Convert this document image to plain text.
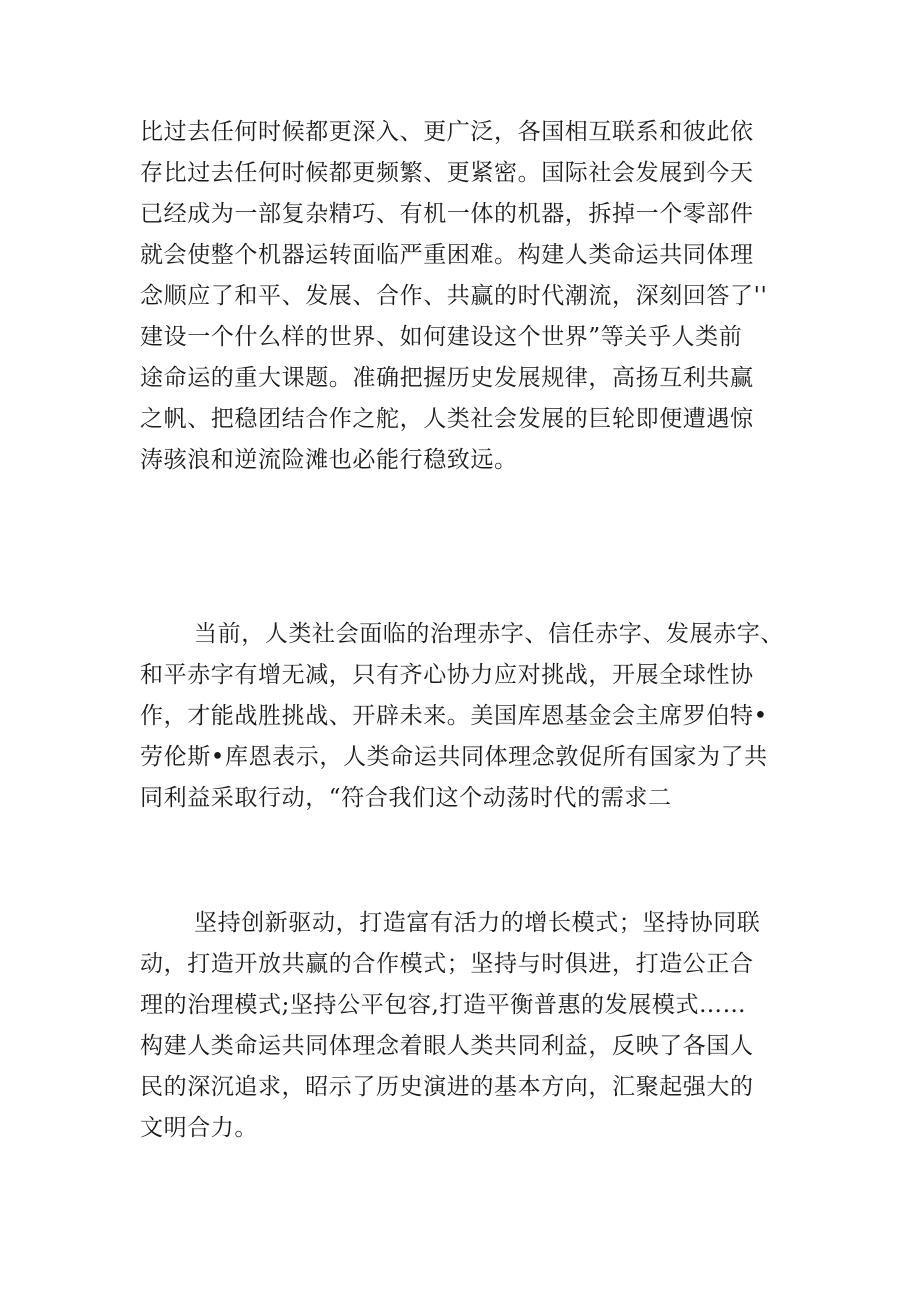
比过去任何时候都更深入、更广泛，各国相互联系和彼此依
存比过去任何时候都更频繁、更紧密。国际社会发展到今天
已经成为一部复杂精巧、有机一体的机器，拆掉一个零部件
就会使整个机器运转面临严重困难。构建人类命运共同体理
念顺应了和平、发展、合作、共赢的时代潮流，深刻回答了''
建设一个什么样的世界、如何建设这个世界”等关乎人类前
途命运的重大课题。准确把握历史发展规律，高扬互利共赢
之帆、把稳团结合作之舵，人类社会发展的巨轮即便遭遇惊
涛骇浪和逆流险滩也必能行稳致远。
当前，人类社会面临的治理赤字、信任赤字、发展赤字、
和平赤字有增无减，只有齐心协力应对挑战，开展全球性协
作，才能战胜挑战、开辟未来。美国库恩基金会主席罗伯特•
劳伦斯•库恩表示，人类命运共同体理念敦促所有国家为了共
同利益采取行动，“符合我们这个动荡时代的需求二
坚持创新驱动，打造富有活力的增长模式；坚持协同联
动，打造开放共赢的合作模式；坚持与时俱进，打造公正合
理的治理模式;坚持公平包容,打造平衡普惠的发展模式……
构建人类命运共同体理念着眼人类共同利益，反映了各国人
民的深沉追求，昭示了历史演进的基本方向，汇聚起强大的
文明合力。
